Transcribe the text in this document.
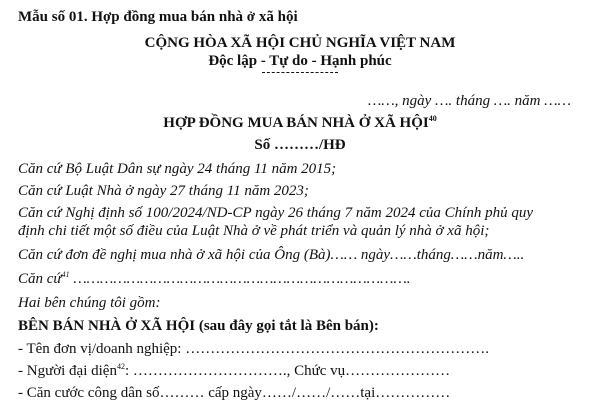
Mẫu số 01. Hợp đồng mua bán nhà ở xã hội
CỘNG HÒA XÃ HỘI CHỦ NGHĨA VIỆT NAM
Độc lập - Tự do - Hạnh phúc
……, ngày …. tháng …. năm ……
HỢP ĐỒNG MUA BÁN NHÀ Ở XÃ HỘI$^{40}$
Số ………/HĐ
Căn cứ Bộ Luật Dân sự ngày 24 tháng 11 năm 2015;
Căn cứ Luật Nhà ở ngày 27 tháng 11 năm 2023;
Căn cứ Nghị định số 100/2024/ND-CP ngày 26 tháng 7 năm 2024 của Chính phủ quy
định chi tiết một số điều của Luật Nhà ở về phát triển và quản lý nhà ở xã hội;
Căn cứ đơn đề nghị mua nhà ở xã hội của Ông (Bà)…… ngày……tháng……năm…..
Căn cứ$^{41}$ ………………………………………………………………….
Hai bên chúng tôi gồm:
BÊN BÁN NHÀ Ở XÃ HỘI (sau đây gọi tắt là Bên bán):
- Tên đơn vị/doanh nghiệp: …………………………………………………….
- Người đại diện$^{42}$: …………………………., Chức vụ…………………
- Căn cước công dân số……… cấp ngày……/……/……tại……………
